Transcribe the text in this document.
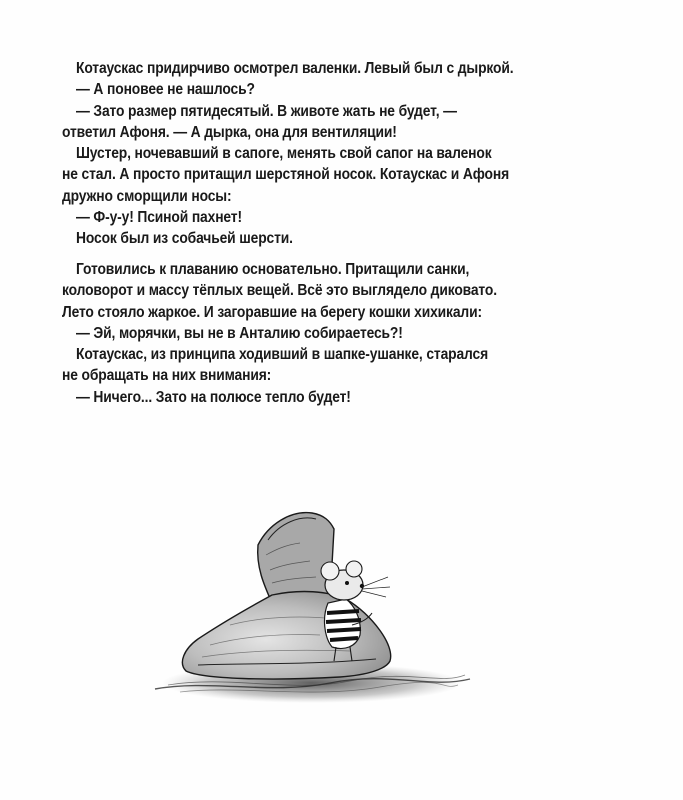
Котаускас придирчиво осмотрел валенки. Левый был с дыркой.
— А поновее не нашлось?
— Зато размер пятидесятый. В животе жать не будет, —
ответил Афоня. — А дырка, она для вентиляции!
Шустер, ночевавший в сапоге, менять свой сапог на валенок
не стал. А просто притащил шерстяной носок. Котаускас и Афоня
дружно сморщили носы:
— Ф-у-у! Псиной пахнет!
Носок был из собачьей шерсти.
Готовились к плаванию основательно. Притащили санки,
коловорот и массу тёплых вещей. Всё это выглядело диковато.
Лето стояло жаркое. И загоравшие на берегу кошки хихикали:
— Эй, морячки, вы не в Анталию собираетесь?!
Котаускас, из принципа ходивший в шапке-ушанке, старался
не обращать на них внимания:
— Ничего... Зато на полюсе тепло будет!
